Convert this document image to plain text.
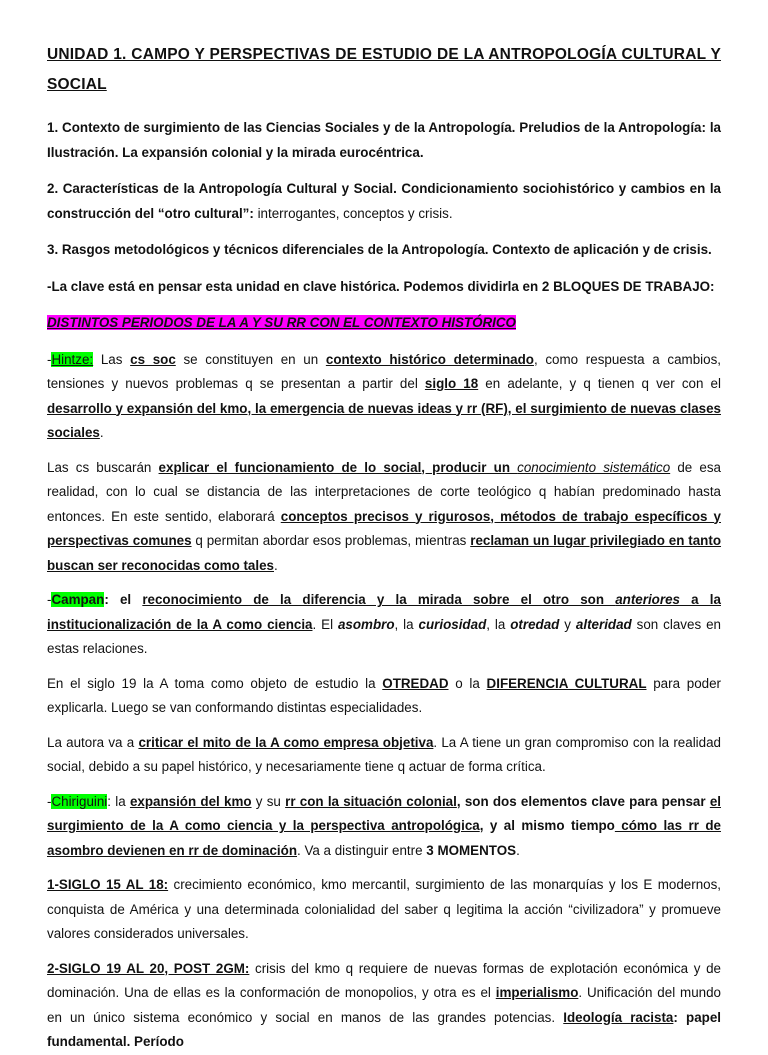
UNIDAD 1. CAMPO Y PERSPECTIVAS DE ESTUDIO DE LA ANTROPOLOGÍA CULTURAL Y SOCIAL

1. Contexto de surgimiento de las Ciencias Sociales y de la Antropología. Preludios de la Antropología: la Ilustración. La expansión colonial y la mirada eurocéntrica.

2. Características de la Antropología Cultural y Social. Condicionamiento sociohistórico y cambios en la construcción del “otro cultural”: interrogantes, conceptos y crisis.

3. Rasgos metodológicos y técnicos diferenciales de la Antropología. Contexto de aplicación y de crisis.

-La clave está en pensar esta unidad en clave histórica. Podemos dividirla en 2 BLOQUES DE TRABAJO:

DISTINTOS PERIODOS DE LA A Y SU RR CON EL CONTEXTO HISTÓRICO

-Hintze: Las cs soc se constituyen en un contexto histórico determinado, como respuesta a cambios, tensiones y nuevos problemas q se presentan a partir del siglo 18 en adelante, y q tienen q ver con el desarrollo y expansión del kmo, la emergencia de nuevas ideas y rr (RF), el surgimiento de nuevas clases sociales.

Las cs buscarán explicar el funcionamiento de lo social, producir un conocimiento sistemático de esa realidad, con lo cual se distancia de las interpretaciones de corte teológico q habían predominado hasta entonces. En este sentido, elaborará conceptos precisos y rigurosos, métodos de trabajo específicos y perspectivas comunes q permitan abordar esos problemas, mientras reclaman un lugar privilegiado en tanto buscan ser reconocidas como tales.

-Campan: el reconocimiento de la diferencia y la mirada sobre el otro son anteriores a la institucionalización de la A como ciencia. El asombro, la curiosidad, la otredad y alteridad son claves en estas relaciones.

En el siglo 19 la A toma como objeto de estudio la OTREDAD o la DIFERENCIA CULTURAL para poder explicarla. Luego se van conformando distintas especialidades.

La autora va a criticar el mito de la A como empresa objetiva. La A tiene un gran compromiso con la realidad social, debido a su papel histórico, y necesariamente tiene q actuar de forma crítica.

-Chiriguini: la expansión del kmo y su rr con la situación colonial, son dos elementos clave para pensar el surgimiento de la A como ciencia y la perspectiva antropológica, y al mismo tiempo cómo las rr de asombro devienen en rr de dominación. Va a distinguir entre 3 MOMENTOS.

1-SIGLO 15 AL 18: crecimiento económico, kmo mercantil, surgimiento de las monarquías y los E modernos, conquista de América y una determinada colonialidad del saber q legitima la acción “civilizadora” y promueve valores considerados universales.

2-SIGLO 19 AL 20, POST 2GM: crisis del kmo q requiere de nuevas formas de explotación económica y de dominación. Una de ellas es la conformación de monopolios, y otra es el imperialismo. Unificación del mundo en un único sistema económico y social en manos de las grandes potencias. Ideología racista: papel fundamental. Período
